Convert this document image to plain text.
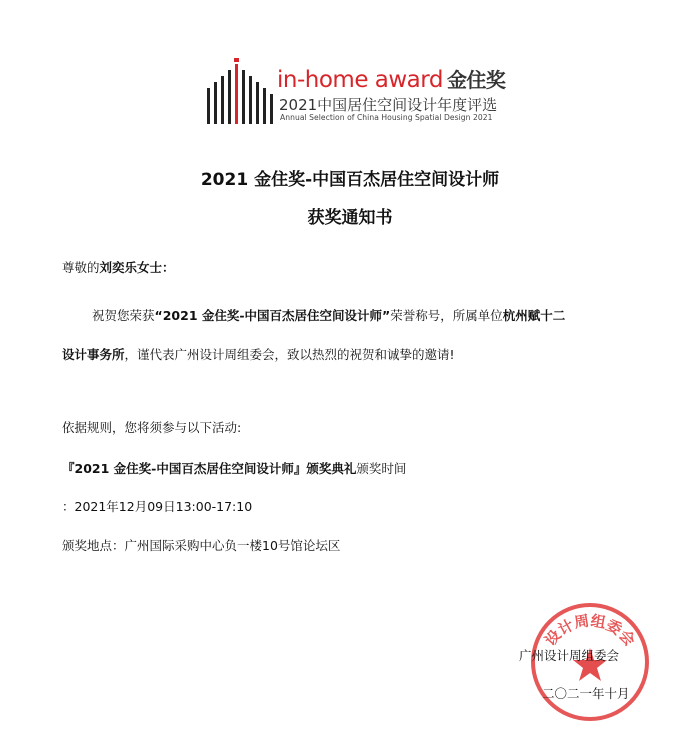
in-home award 金住奖
2021中国居住空间设计年度评选
Annual Selection of China Housing Spatial Design 2021
2021 金住奖-中国百杰居住空间设计师
获奖通知书
尊敬的刘奕乐女士：
祝贺您荣获“2021 金住奖-中国百杰居住空间设计师”荣誉称号，所属单位杭州赋十二
设计事务所，谨代表广州设计周组委会，致以热烈的祝贺和诚挚的邀请!
依据规则，您将须参与以下活动:
『2021 金住奖-中国百杰居住空间设计师』颁奖典礼颁奖时间
：2021年12月09日13:00-17:10
颁奖地点：广州国际采购中心负一楼10号馆论坛区
设计周组委会
广州设计周组委会
二〇二一年十月
